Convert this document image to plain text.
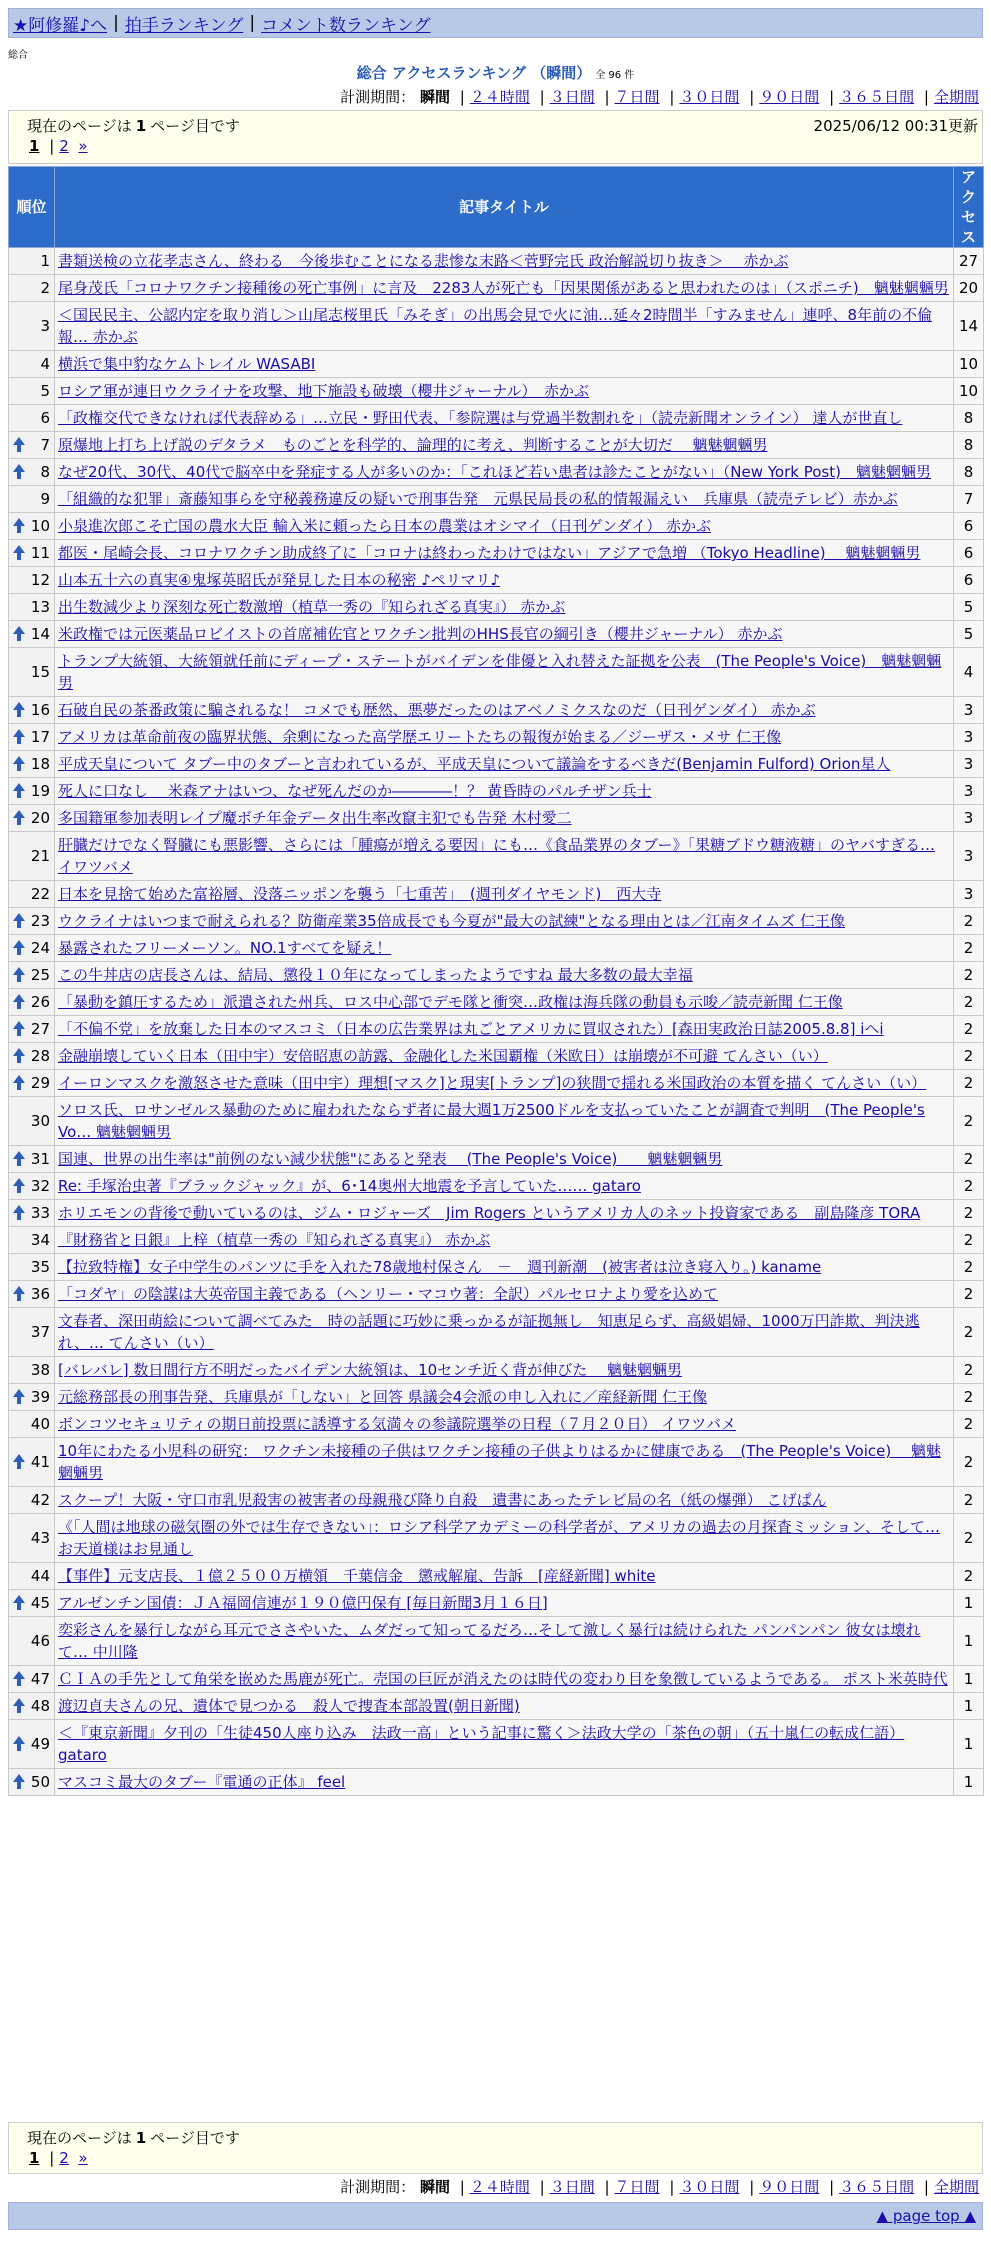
★阿修羅♪へ | 拍手ランキング | コメント数ランキング
総合
総合 アクセスランキング （瞬間） 全 96 件
計測期間： 瞬間 | ２４時間 | ３日間 | ７日間 | ３０日間 | ９０日間 | ３６５日間 | 全期間
現在のページは 1 ページ目です	2025/06/12 00:31更新
1 | 2 »
順位	記事タイトル	アクセス
1	書類送検の立花孝志さん、終わる　今後歩むことになる悲惨な末路＜菅野完氏 政治解説切り抜き＞　 赤かぶ	27
2	尾身茂氏「コロナワクチン接種後の死亡事例」に言及　2283人が死亡も「因果関係があると思われたのは」（スポニチ)　魑魅魍魎男	20
3	＜国民民主、公認内定を取り消し＞山尾志桜里氏「みそぎ」の出馬会見で火に油…延々2時間半「すみません」連呼、8年前の不倫報… 赤かぶ	14
4	横浜で集中豹なケムトレイル WASABI	10
5	ロシア軍が連日ウクライナを攻撃、地下施設も破壊（櫻井ジャーナル）　赤かぶ	10
6	「政権交代できなければ代表辞める」…立民・野田代表、「参院選は与党過半数割れを」（読売新聞オンライン） 達人が世直し	8

7	原爆地上打ち上げ説のデタラメ　ものごとを科学的、論理的に考え、判断することが大切だ　 魑魅魍魎男	8

8	なぜ20代、30代、40代で脳卒中を発症する人が多いのか：「これほど若い患者は診たことがない」（New York Post)　魑魅魍魎男	8
9	「組織的な犯罪」斎藤知事らを守秘義務違反の疑いで刑事告発　元県民局長の私的情報漏えい　兵庫県（読売テレビ）赤かぶ	7

10	小泉進次郎こそ亡国の農水大臣 輸入米に頼ったら日本の農業はオシマイ（日刊ゲンダイ） 赤かぶ	6

11	都医・尾崎会長、コロナワクチン助成終了に「コロナは終わったわけではない」アジアで急増 （Tokyo Headline)　 魑魅魍魎男	6
12	山本五十六の真実④鬼塚英昭氏が発見した日本の秘密 ♪ペリマリ♪	6
13	出生数減少より深刻な死亡数激増（植草一秀の『知られざる真実』） 赤かぶ	5

14	米政権では元医薬品ロビイストの首席補佐官とワクチン批判のHHS長官の綱引き（櫻井ジャーナル） 赤かぶ	5
15	トランプ大統領、大統領就任前にディープ・ステートがバイデンを俳優と入れ替えた証拠を公表　(The People's Voice)　魑魅魍魎男	4

16	石破自民の茶番政策に騙されるな！ コメでも歴然、悪夢だったのはアベノミクスなのだ（日刊ゲンダイ） 赤かぶ	3

17	アメリカは革命前夜の臨界状態、余剰になった高学歴エリートたちの報復が始まる／ジーザス・メサ 仁王像	3

18	平成天皇について タブー中のタブーと言われているが、平成天皇について議論をするべきだ(Benjamin Fulford) Orion星人	3

19	死人に口なし　 米森アナはいつ、なぜ死んだのか――――！？ 黄昏時のパルチザン兵士	3

20	多国籍軍参加表明レイプ魔ボチ年金データ出生率改竄主犯でも告発 木村愛二	3
21	肝臓だけでなく腎臓にも悪影響、さらには「腫瘍が増える要因」にも…《食品業界のタブー》「果糖ブドウ糖液糖」のヤバすぎる… イワツバメ	3
22	日本を見捨て始めた富裕層、没落ニッポンを襲う「七重苦」　(週刊ダイヤモンド)　西大寺	3

23	ウクライナはいつまで耐えられる？防衛産業35倍成長でも今夏が"最大の試練"となる理由とは／江南タイムズ 仁王像	2

24	暴露されたフリーメーソン。NO.1すべてを疑え！	2

25	この牛丼店の店長さんは、結局、懲役１０年になってしまったようですね 最大多数の最大幸福	2

26	「暴動を鎮圧するため」派遣された州兵、ロス中心部でデモ隊と衝突…政権は海兵隊の動員も示唆／読売新聞 仁王像	2

27	「不偏不党」を放棄した日本のマスコミ（日本の広告業界は丸ごとアメリカに買収された）[森田実政治日誌2005.8.8] iヘi	2

28	金融崩壊していく日本（田中宇）安倍昭恵の訪露、金融化した米国覇権（米欧日）は崩壊が不可避 てんさい（い）	2

29	イーロンマスクを激怒させた意味（田中宇）理想[マスク]と現実[トランプ]の狭間で揺れる米国政治の本質を描く てんさい（い）	2
30	ソロス氏、ロサンゼルス暴動のために雇われたならず者に最大週1万2500ドルを支払っていたことが調査で判明　(The People's Vo… 魑魅魍魎男	2

31	国連、世界の出生率は"前例のない減少状態"にあると発表　 (The People's Voice)　　魑魅魍魎男	2

32	Re: 手塚治虫著『ブラックジャック』が、6･14奥州大地震を予言していた…… gataro	2

33	ホリエモンの背後で動いているのは、ジム・ロジャーズ　Jim Rogers というアメリカ人のネット投資家である　副島隆彦 TORA	2
34	『財務省と日銀』上梓（植草一秀の『知られざる真実』） 赤かぶ	2
35	【拉致特権】女子中学生のパンツに手を入れた78歳地村保さん　－　週刊新潮　(被害者は泣き寝入り。) kaname	2

36	「コダヤ」の陰謀は大英帝国主義である（ヘンリー・マコウ著：全訳）パルセロナより愛を込めて	2
37	文春者、深田萌絵について調べてみた　時の話題に巧妙に乗っかるが証拠無し　知恵足らず、高級娼婦、1000万円詐欺、判決逃れ、… てんさい（い）	2
38	[バレバレ] 数日間行方不明だったバイデン大統領は、10センチ近く背が伸びた　 魑魅魍魎男	2

39	元総務部長の刑事告発、兵庫県が「しない」と回答 県議会4会派の申し入れに／産経新聞 仁王像	2
40	ボンコツセキュリティの期日前投票に誘導する気満々の参議院選挙の日程（７月２０日） イワツバメ	2

41	10年にわたる小児科の研究： ワクチン未接種の子供はワクチン接種の子供よりはるかに健康である　(The People's Voice)　 魑魅魍魎男	2
42	スクープ！大阪・守口市乳児殺害の被害者の母親飛び降り自殺　遺書にあったテレビ局の名（紙の爆弾） こげぱん	2
43	《「人間は地球の磁気圏の外では生存できない」：ロシア科学アカデミーの科学者が、アメリカの過去の月探査ミッション、そして… お天道様はお見通し	2
44	【事件】元支店長、１億２５００万横領　千葉信金　懲戒解雇、告訴　[産経新聞] white	2

45	アルゼンチン国債：ＪＡ福岡信連が１９０億円保有 [毎日新聞3月１６日]	1
46	奕彩さんを暴行しながら耳元でささやいた、ムダだって知ってるだろ…そして激しく暴行は続けられた パンパンパン 彼女は壊れて… 中川隆	1

47	ＣＩＡの手先として角栄を嵌めた馬鹿が死亡。売国の巨匠が消えたのは時代の変わり目を象徴しているようである。 ポスト米英時代	1

48	渡辺貞夫さんの兄、遺体で見つかる　殺人で捜査本部設置(朝日新聞)	1

49	＜『東京新聞』夕刊の「生徒450人座り込み　法政一高」という記事に驚く＞法政大学の「茶色の朝」（五十嵐仁の転成仁語） gataro	1

50	マスコミ最大のタブー『電通の正体』 feel	1
現在のページは 1 ページ目です
1 | 2 »
計測期間： 瞬間 | ２４時間 | ３日間 | ７日間 | ３０日間 | ９０日間 | ３６５日間 | 全期間
▲ page top ▲
